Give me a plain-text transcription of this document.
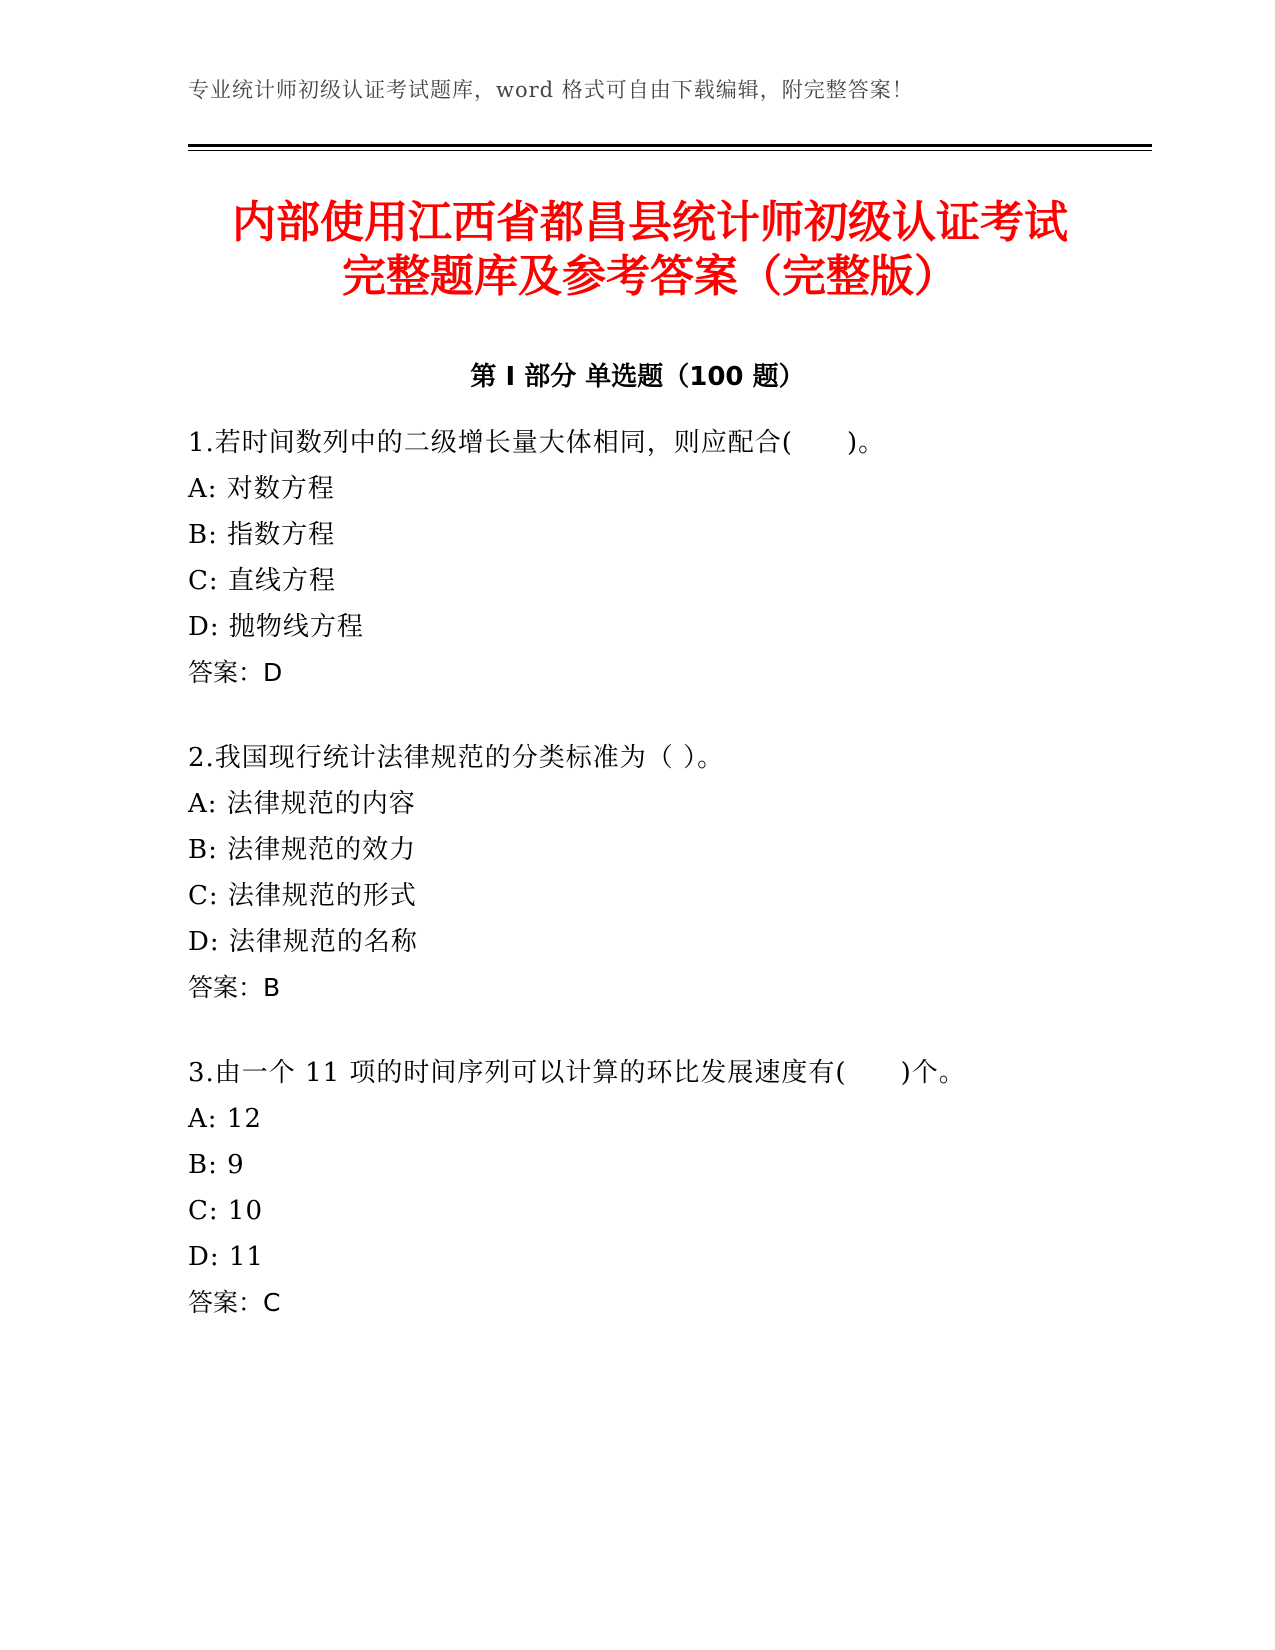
专业统计师初级认证考试题库，word 格式可自由下载编辑，附完整答案！
内部使用江西省都昌县统计师初级认证考试
完整题库及参考答案（完整版）
第 I 部分 单选题（100 题）
1.若时间数列中的二级增长量大体相同，则应配合(　　)。
A: 对数方程
B: 指数方程
C: 直线方程
D: 抛物线方程
答案：D
2.我国现行统计法律规范的分类标准为（ ）。
A: 法律规范的内容
B: 法律规范的效力
C: 法律规范的形式
D: 法律规范的名称
答案：B
3.由一个 11 项的时间序列可以计算的环比发展速度有(　　)个。
A: 12
B: 9
C: 10
D: 11
答案：C
